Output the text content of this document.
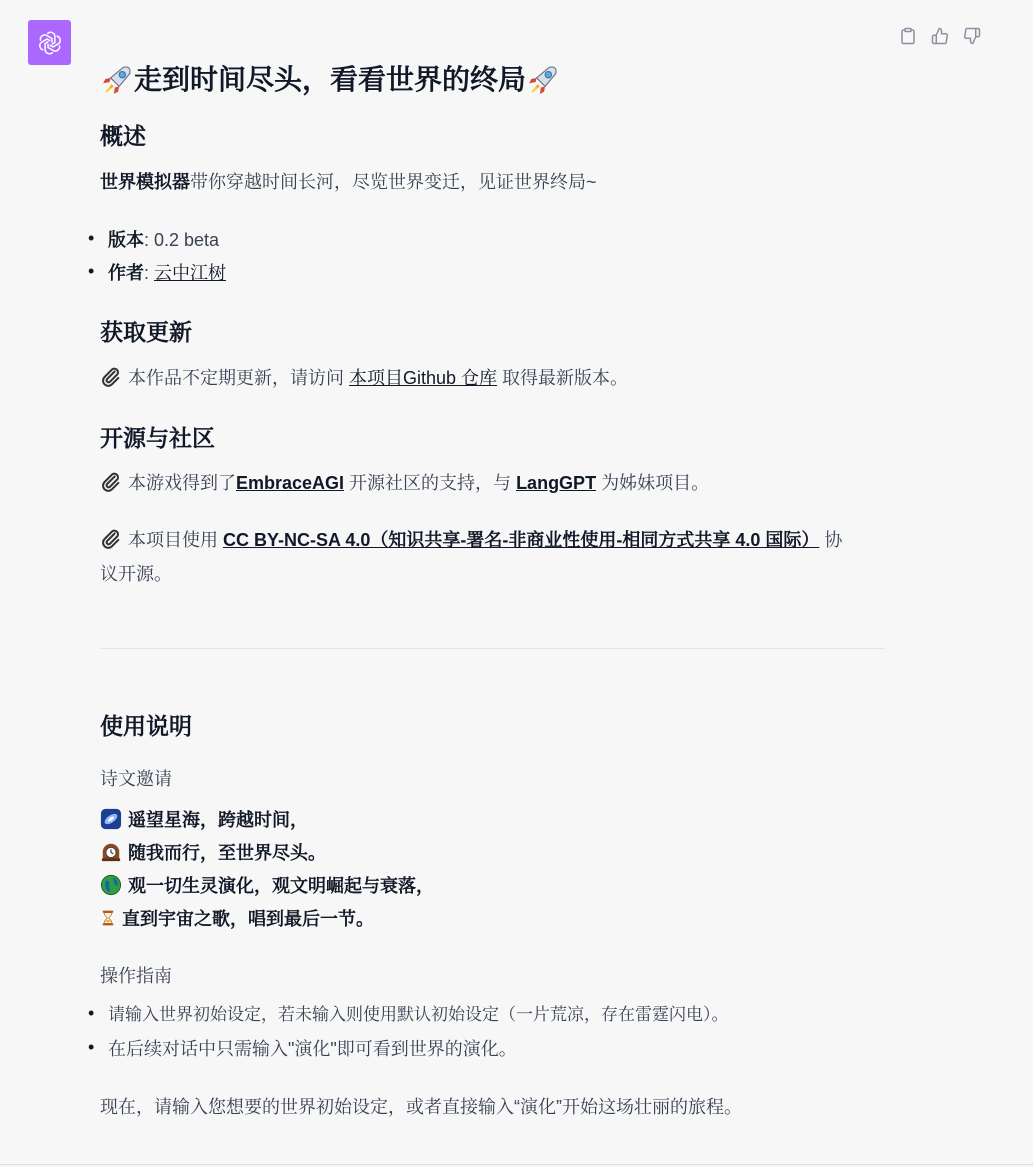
走到时间尽头，看看世界的终局
概述
世界模拟器带你穿越时间长河，尽览世界变迁，见证世界终局~
• 版本: 0.2 beta
• 作者: 云中江树
获取更新
本作品不定期更新，请访问 本项目Github 仓库 取得最新版本。
开源与社区
本游戏得到了EmbraceAGI 开源社区的支持，与 LangGPT 为姊妹项目。
本项目使用 CC BY-NC-SA 4.0（知识共享-署名-非商业性使用-相同方式共享 4.0 国际） 协
议开源。
使用说明
诗文邀请
遥望星海，跨越时间，
随我而行，至世界尽头。
观一切生灵演化，观文明崛起与衰落，
直到宇宙之歌，唱到最后一节。
操作指南
• 请输入世界初始设定，若未输入则使用默认初始设定（一片荒凉，存在雷霆闪电）。
• 在后续对话中只需输入"演化"即可看到世界的演化。
现在，请输入您想要的世界初始设定，或者直接输入“演化”开始这场壮丽的旅程。
